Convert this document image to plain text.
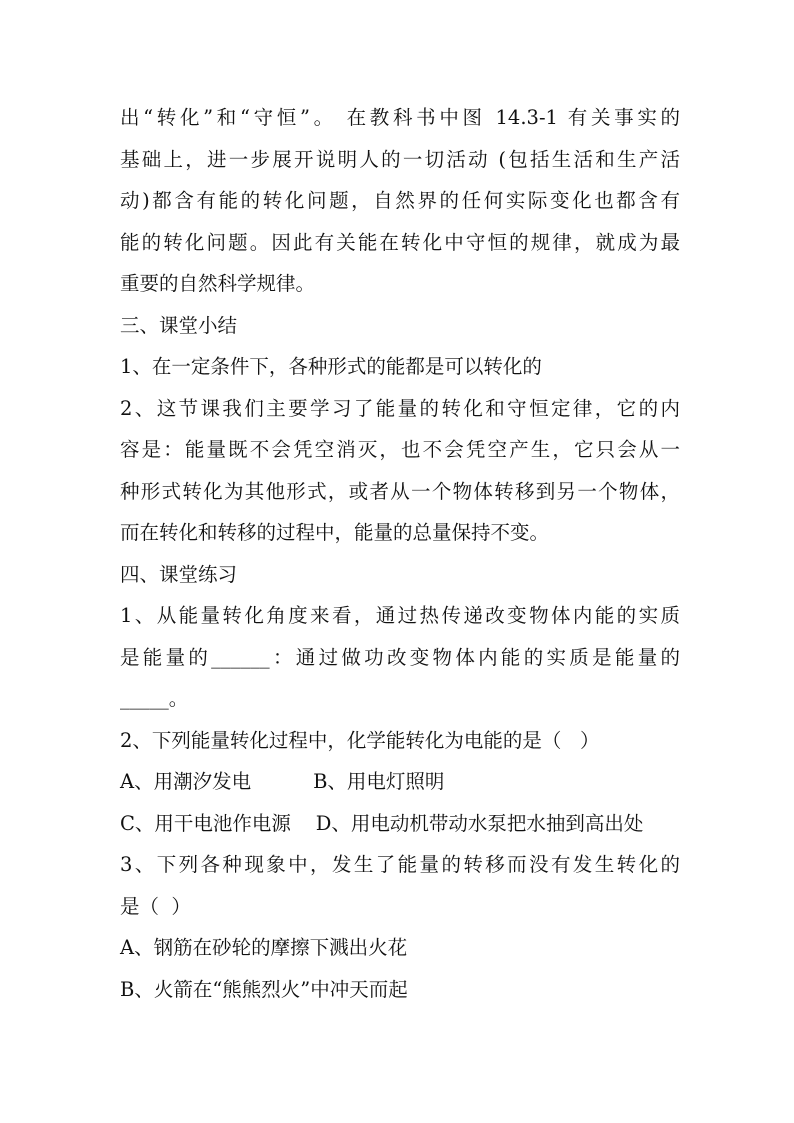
出“转化”和“守恒”。 在教科书中图 14.3-1 有关事实的
基础上，进一步展开说明人的一切活动 (包括生活和生产活
动)都含有能的转化问题，自然界的任何实际变化也都含有
能的转化问题。因此有关能在转化中守恒的规律，就成为最
重要的自然科学规律。
三、课堂小结
1、在一定条件下，各种形式的能都是可以转化的
2、这节课我们主要学习了能量的转化和守恒定律，它的内
容是：能量既不会凭空消灭，也不会凭空产生，它只会从一
种形式转化为其他形式，或者从一个物体转移到另一个物体，
而在转化和转移的过程中，能量的总量保持不变。
四、课堂练习
1、从能量转化角度来看，通过热传递改变物体内能的实质
是能量的______：通过做功改变物体内能的实质是能量的
_____。
2、下列能量转化过程中，化学能转化为电能的是（   ）
A、用潮汐发电          B、用电灯照明
C、用干电池作电源    D、用电动机带动水泵把水抽到高出处
3、下列各种现象中，发生了能量的转移而没有发生转化的
是（  ）
A、钢筋在砂轮的摩擦下溅出火花
B、火箭在“熊熊烈火”中冲天而起
